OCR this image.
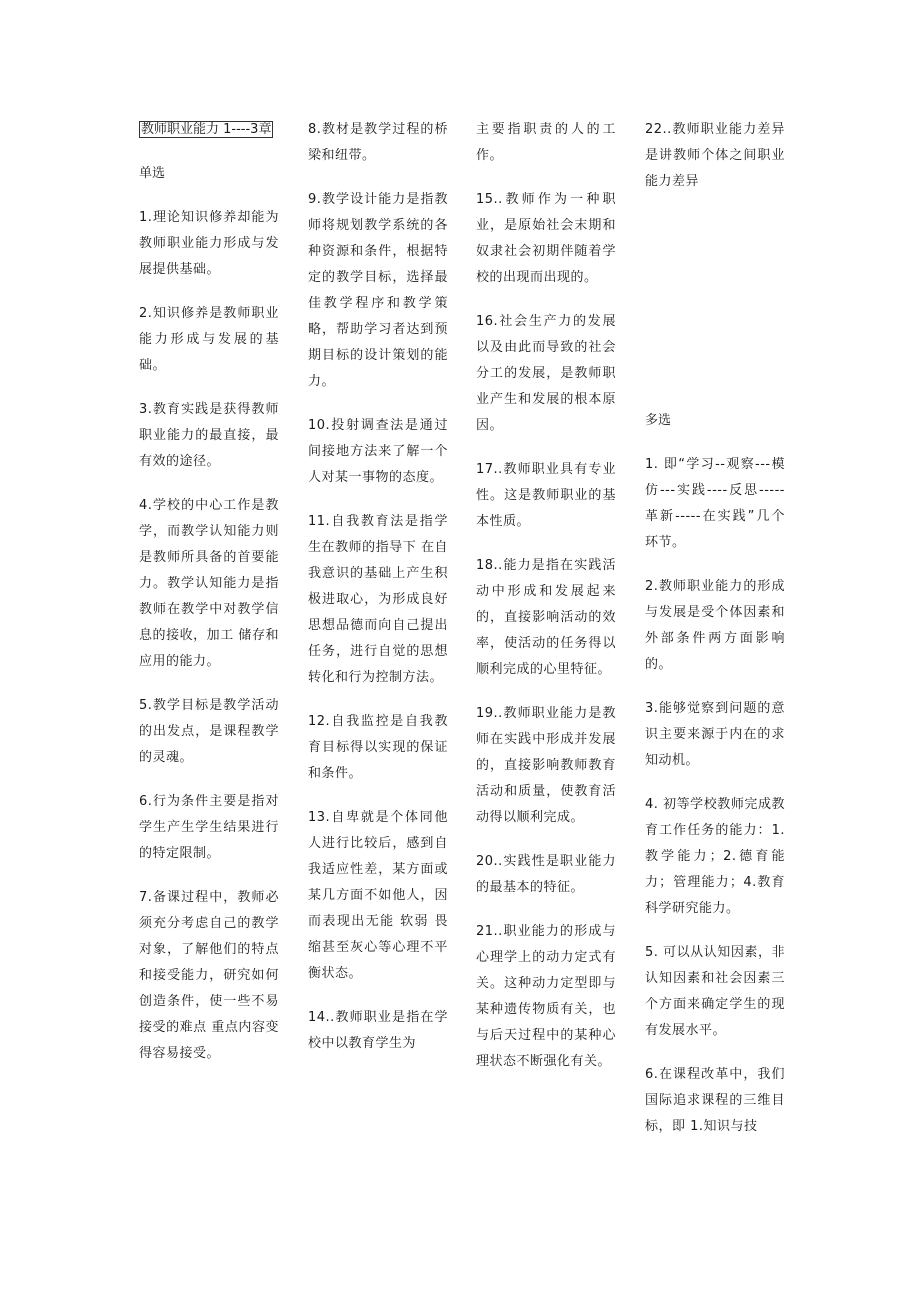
教师职业能力 1----3章

单选

1.理论知识修养却能为教师职业能力形成与发展提供基础。

2.知识修养是教师职业能力形成与发展的基础。

3.教育实践是获得教师职业能力的最直接，最有效的途径。

4.学校的中心工作是教学，而教学认知能力则是教师所具备的首要能力。教学认知能力是指教师在教学中对教学信息的接收，加工 储存和应用的能力。

5.教学目标是教学活动的出发点，是课程教学的灵魂。

6.行为条件主要是指对学生产生学生结果进行的特定限制。

7.备课过程中，教师必须充分考虑自己的教学对象，了解他们的特点和接受能力，研究如何创造条件，使一些不易接受的难点 重点内容变得容易接受。

8.教材是教学过程的桥梁和纽带。

9.教学设计能力是指教师将规划教学系统的各种资源和条件，根据特定的教学目标，选择最佳教学程序和教学策略，帮助学习者达到预期目标的设计策划的能力。

10.投射调查法是通过间接地方法来了解一个人对某一事物的态度。

11.自我教育法是指学生在教师的指导下 在自我意识的基础上产生积极进取心，为形成良好思想品德而向自己提出任务，进行自觉的思想转化和行为控制方法。

12.自我监控是自我教育目标得以实现的保证和条件。

13.自卑就是个体同他人进行比较后，感到自我适应性差，某方面或某几方面不如他人，因而表现出无能 软弱 畏缩甚至灰心等心理不平衡状态。

14..教师职业是指在学校中以教育学生为

主要指职责的人的工作。

15..教师作为一种职业，是原始社会末期和奴隶社会初期伴随着学校的出现而出现的。

16.社会生产力的发展以及由此而导致的社会分工的发展，是教师职业产生和发展的根本原因。

17..教师职业具有专业性。这是教师职业的基本性质。

18..能力是指在实践活动中形成和发展起来的，直接影响活动的效率，使活动的任务得以顺利完成的心里特征。

19..教师职业能力是教师在实践中形成并发展的，直接影响教师教育活动和质量，使教育活动得以顺利完成。

20..实践性是职业能力的最基本的特征。

21..职业能力的形成与心理学上的动力定式有关。这种动力定型即与某种遗传物质有关，也与后天过程中的某种心理状态不断强化有关。

22..教师职业能力差异是讲教师个体之间职业能力差异

多选

1. 即“学习--观察---模仿---实践----反思-----革新-----在实践”几个环节。

2.教师职业能力的形成与发展是受个体因素和外部条件两方面影响的。

3.能够觉察到问题的意识主要来源于内在的求知动机。

4. 初等学校教师完成教育工作任务的能力：1. 教学能力；2.德育能力；管理能力；4.教育科学研究能力。

5. 可以从认知因素，非认知因素和社会因素三个方面来确定学生的现有发展水平。

6.在课程改革中，我们国际追求课程的三维目标，即 1.知识与技
